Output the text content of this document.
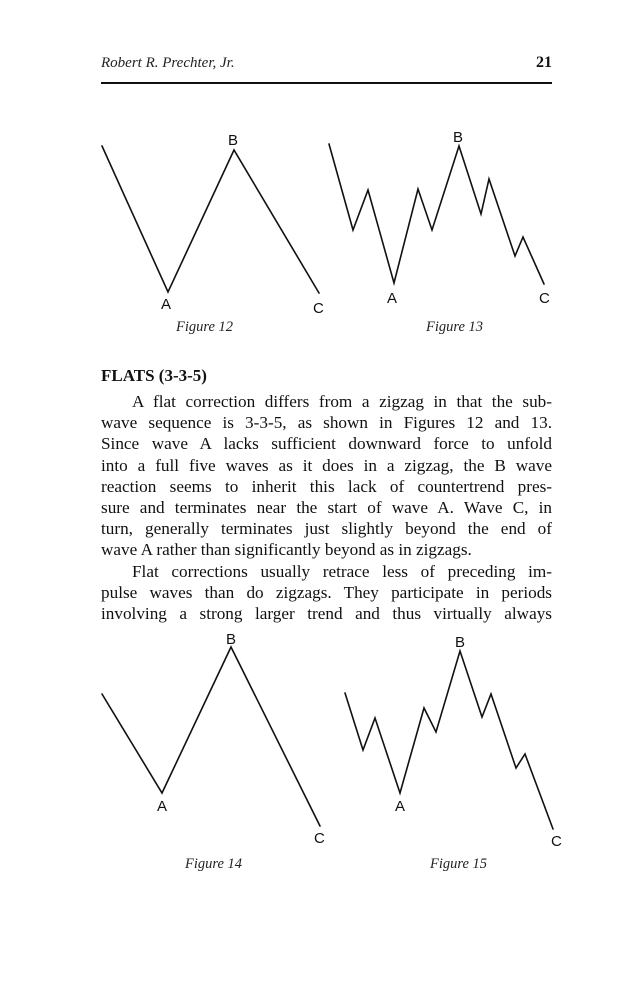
Robert R. Prechter, Jr.	21
B
A	C
Figure 12
B
A	C
Figure 13
B
A
C
Figure 14
B
A
C
Figure 15
FLATS (3-3-5)
A flat correction differs from a zigzag in that the sub-
wave sequence is 3-3-5, as shown in Figures 12 and 13.
Since wave A lacks sufficient downward force to unfold
into a full five waves as it does in a zigzag, the B wave
reaction seems to inherit this lack of countertrend pres-
sure and terminates near the start of wave A. Wave C, in
turn, generally terminates just slightly beyond the end of
wave A rather than significantly beyond as in zigzags.
Flat corrections usually retrace less of preceding im-
pulse waves than do zigzags. They participate in periods
involving a strong larger trend and thus virtually always
